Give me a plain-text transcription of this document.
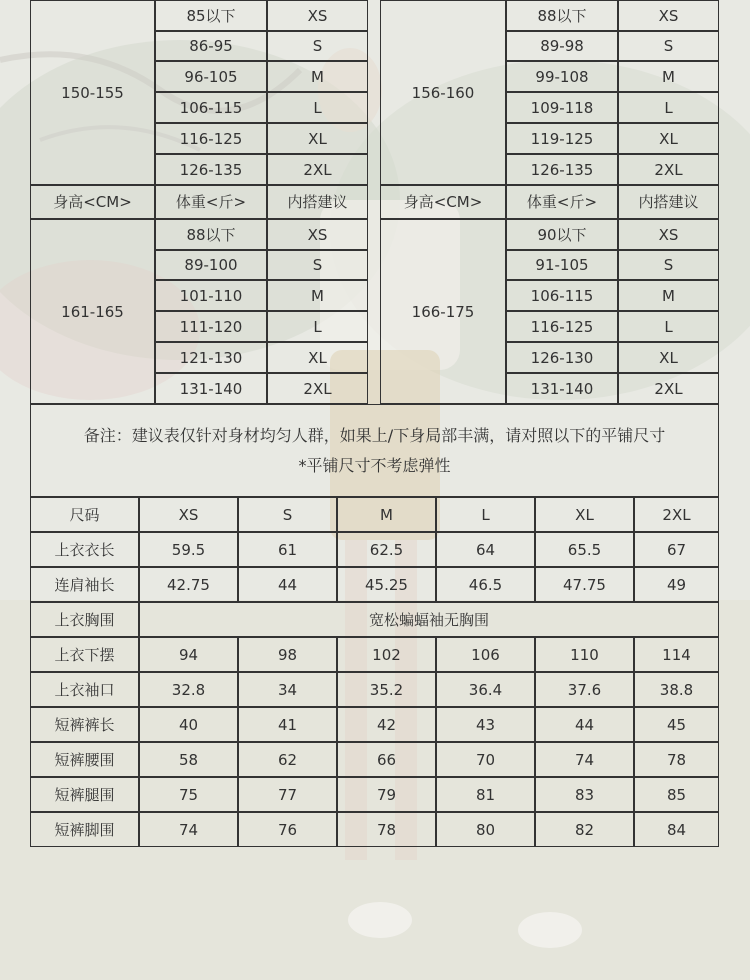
150-155
85以下	XS
86-95	S
96-105	M
106-115	L
116-125	XL
126-135	2XL
156-160
88以下	XS
89-98	S
99-108	M
109-118	L
119-125	XL
126-135	2XL
161-165
88以下	XS
89-100	S
101-110	M
111-120	L
121-130	XL
131-140	2XL
166-175
90以下	XS
91-105	S
106-115	M
116-125	L
126-130	XL
131-140	2XL
身高<CM>	体重<斤>	内搭建议	身高<CM>	体重<斤>	内搭建议
备注：建议表仅针对身材均匀人群，如果上/下身局部丰满，请对照以下的平铺尺寸
*平铺尺寸不考虑弹性
尺码	XS	S	M	L	XL	2XL
上衣衣长	59.5	61	62.5	64	65.5	67
连肩袖长	42.75	44	45.25	46.5	47.75	49
上衣胸围	宽松蝙蝠袖无胸围
上衣下摆	94	98	102	106	110	114
上衣袖口	32.8	34	35.2	36.4	37.6	38.8
短裤裤长	40	41	42	43	44	45
短裤腰围	58	62	66	70	74	78
短裤腿围	75	77	79	81	83	85
短裤脚围	74	76	78	80	82	84
